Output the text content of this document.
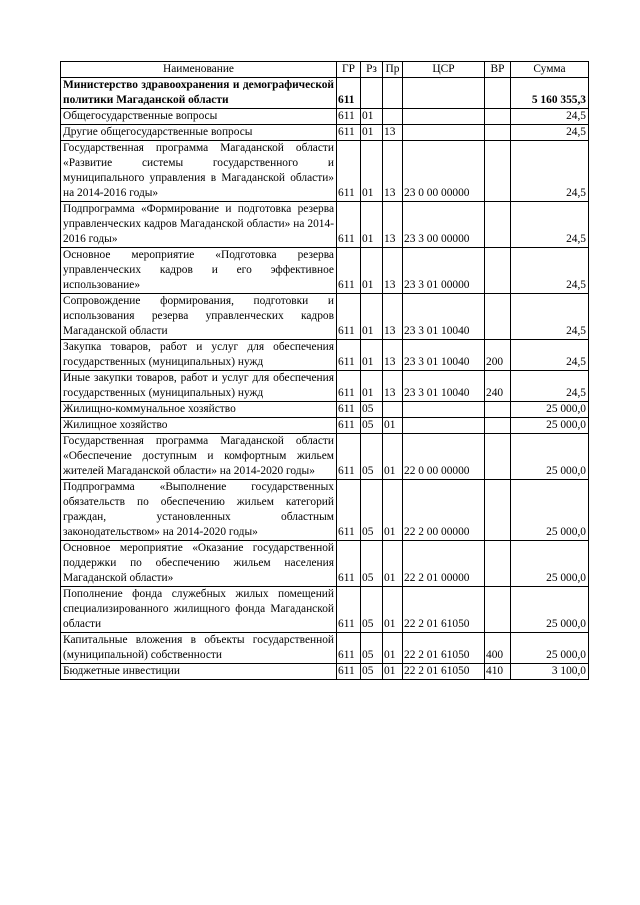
Наименование	ГР	Рз	Пр	ЦСР	ВР	Сумма
Министерство здравоохранения и демографической политики Магаданской области	611					5 160 355,3
Общегосударственные вопросы	611	01				24,5
Другие общегосударственные вопросы	611	01	13			24,5
Государственная программа Магаданской области «Развитие системы государственного и муниципального управления в Магаданской области» на 2014-2016 годы»	611	01	13	23 0 00 00000		24,5
Подпрограмма «Формирование и подготовка резерва управленческих кадров Магаданской области» на 2014-2016 годы»	611	01	13	23 3 00 00000		24,5
Основное мероприятие «Подготовка резерва управленческих кадров и его эффективное использование»	611	01	13	23 3 01 00000		24,5
Сопровождение формирования, подготовки и использования резерва управленческих кадров Магаданской области	611	01	13	23 3 01 10040		24,5
Закупка товаров, работ и услуг для обеспечения государственных (муниципальных) нужд	611	01	13	23 3 01 10040	200	24,5
Иные закупки товаров, работ и услуг для обеспечения государственных (муниципальных) нужд	611	01	13	23 3 01 10040	240	24,5
Жилищно-коммунальное хозяйство	611	05				25 000,0
Жилищное хозяйство	611	05	01			25 000,0
Государственная программа Магаданской области «Обеспечение доступным и комфортным жильем жителей Магаданской области» на 2014-2020 годы»	611	05	01	22 0 00 00000		25 000,0
Подпрограмма «Выполнение государственных обязательств по обеспечению жильем категорий граждан, установленных областным законодательством» на 2014-2020 годы»	611	05	01	22 2 00 00000		25 000,0
Основное мероприятие «Оказание государственной поддержки по обеспечению жильем населения Магаданской области»	611	05	01	22 2 01 00000		25 000,0
Пополнение фонда служебных жилых помещений специализированного жилищного фонда Магаданской области	611	05	01	22 2 01 61050		25 000,0
Капитальные вложения в объекты государственной (муниципальной) собственности	611	05	01	22 2 01 61050	400	25 000,0
Бюджетные инвестиции	611	05	01	22 2 01 61050	410	3 100,0
